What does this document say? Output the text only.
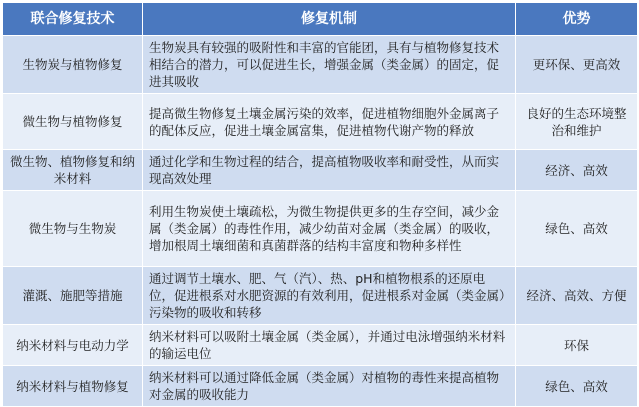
联合修复技术	修复机制	优势
生物炭与植物修复	生物炭具有较强的吸附性和丰富的官能团，具有与植物修复技术相结合的潜力，可以促进生长，增强金属（类金属）的固定，促进其吸收	更环保、更高效
微生物与植物修复	提高微生物修复土壤金属污染的效率，促进植物细胞外金属离子的配体反应，促进土壤金属富集，促进植物代谢产物的释放	良好的生态环境整治和维护
微生物、植物修复和纳米材料	通过化学和生物过程的结合，提高植物吸收率和耐受性，从而实现高效处理	经济、高效
微生物与生物炭	利用生物炭使土壤疏松，为微生物提供更多的生存空间，减少金属（类金属）的毒性作用，减少幼苗对金属（类金属）的吸收，增加根周土壤细菌和真菌群落的结构丰富度和物种多样性	绿色、高效
灌溉、施肥等措施	通过调节土壤水、肥、气（汽）、热、pH和植物根系的还原电位，促进根系对水肥资源的有效利用，促进根系对金属（类金属）污染物的吸收和转移	经济、高效、方便
纳米材料与电动力学	纳米材料可以吸附土壤金属（类金属），并通过电泳增强纳米材料的输运电位	环保
纳米材料与植物修复	纳米材料可以通过降低金属（类金属）对植物的毒性来提高植物对金属的吸收能力	绿色、高效
